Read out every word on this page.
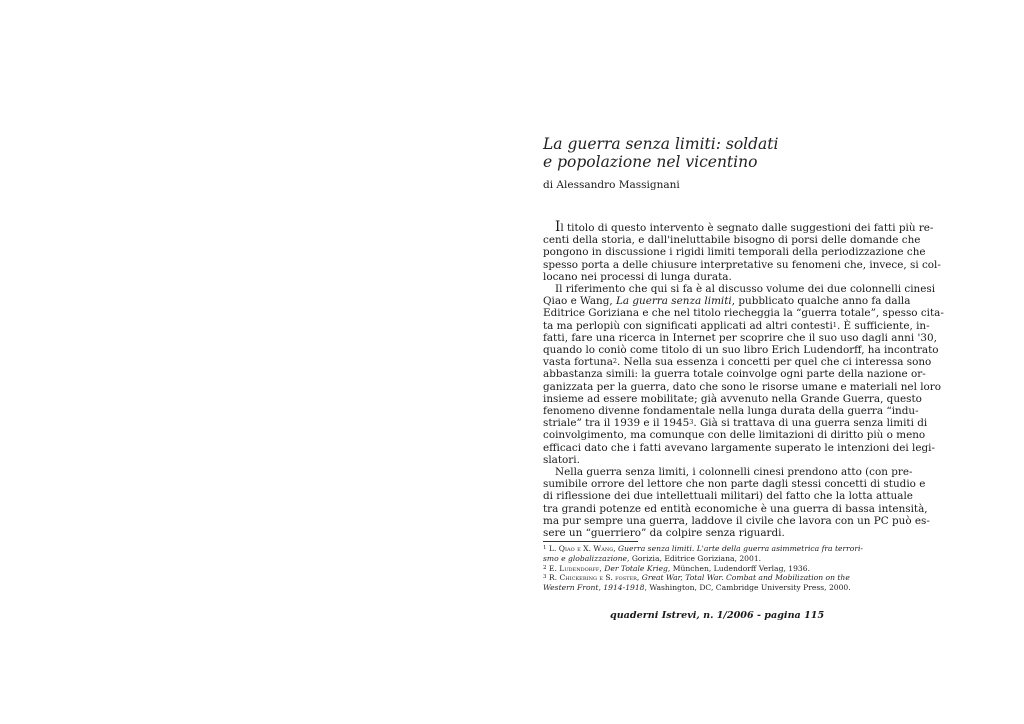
La guerra senza limiti: soldati
e popolazione nel vicentino
di Alessandro Massignani
Il titolo di questo intervento è segnato dalle suggestioni dei fatti più re-
centi della storia, e dall'ineluttabile bisogno di porsi delle domande che
pongono in discussione i rigidi limiti temporali della periodizzazione che
spesso porta a delle chiusure interpretative su fenomeni che, invece, si col-
locano nei processi di lunga durata.
Il riferimento che qui si fa è al discusso volume dei due colonnelli cinesi
Qiao e Wang, La guerra senza limiti, pubblicato qualche anno fa dalla
Editrice Goriziana e che nel titolo riecheggia la “guerra totale”, spesso cita-
ta ma perlopiù con significati applicati ad altri contesti$^1$. È sufficiente, in-
fatti, fare una ricerca in Internet per scoprire che il suo uso dagli anni '30,
quando lo coniò come titolo di un suo libro Erich Ludendorff, ha incontrato
vasta fortuna$^2$. Nella sua essenza i concetti per quel che ci interessa sono
abbastanza simili: la guerra totale coinvolge ogni parte della nazione or-
ganizzata per la guerra, dato che sono le risorse umane e materiali nel loro
insieme ad essere mobilitate; già avvenuto nella Grande Guerra, questo
fenomeno divenne fondamentale nella lunga durata della guerra “indu-
striale” tra il 1939 e il 1945$^3$. Già si trattava di una guerra senza limiti di
coinvolgimento, ma comunque con delle limitazioni di diritto più o meno
efficaci dato che i fatti avevano largamente superato le intenzioni dei legi-
slatori.
Nella guerra senza limiti, i colonnelli cinesi prendono atto (con pre-
sumibile orrore del lettore che non parte dagli stessi concetti di studio e
di riflessione dei due intellettuali militari) del fatto che la lotta attuale
tra grandi potenze ed entità economiche è una guerra di bassa intensità,
ma pur sempre una guerra, laddove il civile che lavora con un PC può es-
sere un “guerriero” da colpire senza riguardi.
$^1$ L. Qiao e X. Wang, Guerra senza limiti. L'arte della guerra asimmetrica fra terrori-
smo e globalizzazione, Gorizia, Editrice Goriziana, 2001.
$^2$ E. Ludendorff, Der Totale Krieg, München, Ludendorff Verlag, 1936.
$^3$ R. Chickering e S. foster, Great War, Total War. Combat and Mobilization on the
Western Front, 1914-1918, Washington, DC, Cambridge University Press, 2000.
quaderni Istrevi, n. 1/2006 - pagina 115
